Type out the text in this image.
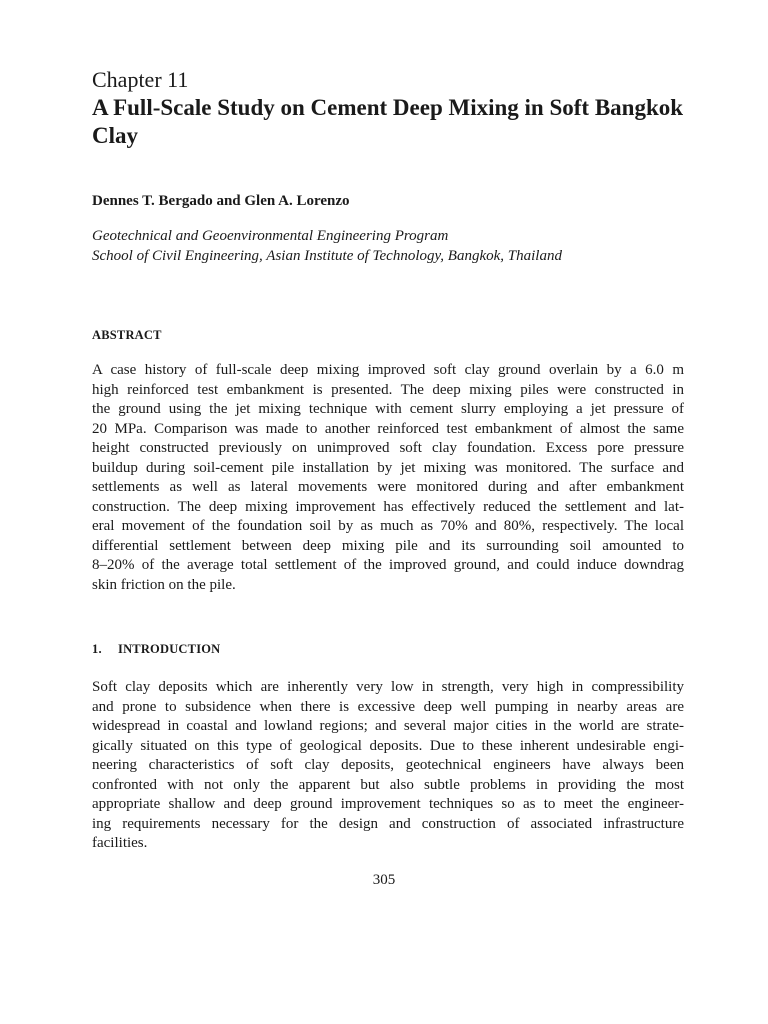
Chapter 11
A Full-Scale Study on Cement Deep Mixing in Soft Bangkok Clay
Dennes T. Bergado and Glen A. Lorenzo
Geotechnical and Geoenvironmental Engineering Program
School of Civil Engineering, Asian Institute of Technology, Bangkok, Thailand
ABSTRACT
A case history of full-scale deep mixing improved soft clay ground overlain by a 6.0 m
high reinforced test embankment is presented. The deep mixing piles were constructed in
the ground using the jet mixing technique with cement slurry employing a jet pressure of
20 MPa. Comparison was made to another reinforced test embankment of almost the same
height constructed previously on unimproved soft clay foundation. Excess pore pressure
buildup during soil-cement pile installation by jet mixing was monitored. The surface and
settlements as well as lateral movements were monitored during and after embankment
construction. The deep mixing improvement has effectively reduced the settlement and lat-
eral movement of the foundation soil by as much as 70% and 80%, respectively. The local
differential settlement between deep mixing pile and its surrounding soil amounted to
8–20% of the average total settlement of the improved ground, and could induce downdrag
skin friction on the pile.
1. INTRODUCTION
Soft clay deposits which are inherently very low in strength, very high in compressibility
and prone to subsidence when there is excessive deep well pumping in nearby areas are
widespread in coastal and lowland regions; and several major cities in the world are strate-
gically situated on this type of geological deposits. Due to these inherent undesirable engi-
neering characteristics of soft clay deposits, geotechnical engineers have always been
confronted with not only the apparent but also subtle problems in providing the most
appropriate shallow and deep ground improvement techniques so as to meet the engineer-
ing requirements necessary for the design and construction of associated infrastructure
facilities.
305
